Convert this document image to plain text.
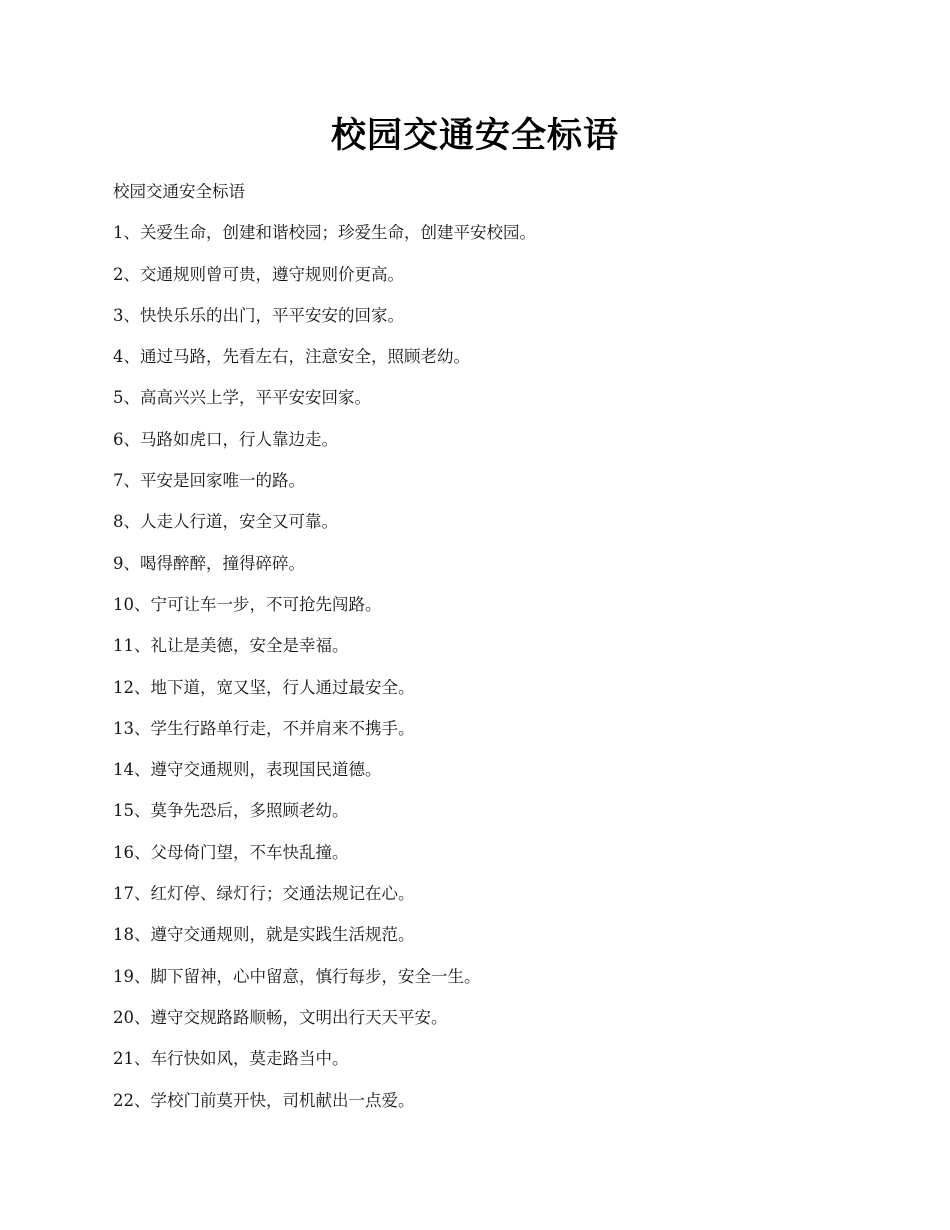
校园交通安全标语
校园交通安全标语
1、关爱生命，创建和谐校园；珍爱生命，创建平安校园。
2、交通规则曾可贵，遵守规则价更高。
3、快快乐乐的出门，平平安安的回家。
4、通过马路，先看左右，注意安全，照顾老幼。
5、高高兴兴上学，平平安安回家。
6、马路如虎口，行人靠边走。
7、平安是回家唯一的路。
8、人走人行道，安全又可靠。
9、喝得醉醉，撞得碎碎。
10、宁可让车一步，不可抢先闯路。
11、礼让是美德，安全是幸福。
12、地下道，宽又坚，行人通过最安全。
13、学生行路单行走，不并肩来不携手。
14、遵守交通规则，表现国民道德。
15、莫争先恐后，多照顾老幼。
16、父母倚门望，不车快乱撞。
17、红灯停、绿灯行；交通法规记在心。
18、遵守交通规则，就是实践生活规范。
19、脚下留神，心中留意，慎行每步，安全一生。
20、遵守交规路路顺畅，文明出行天天平安。
21、车行快如风，莫走路当中。
22、学校门前莫开快，司机献出一点爱。
